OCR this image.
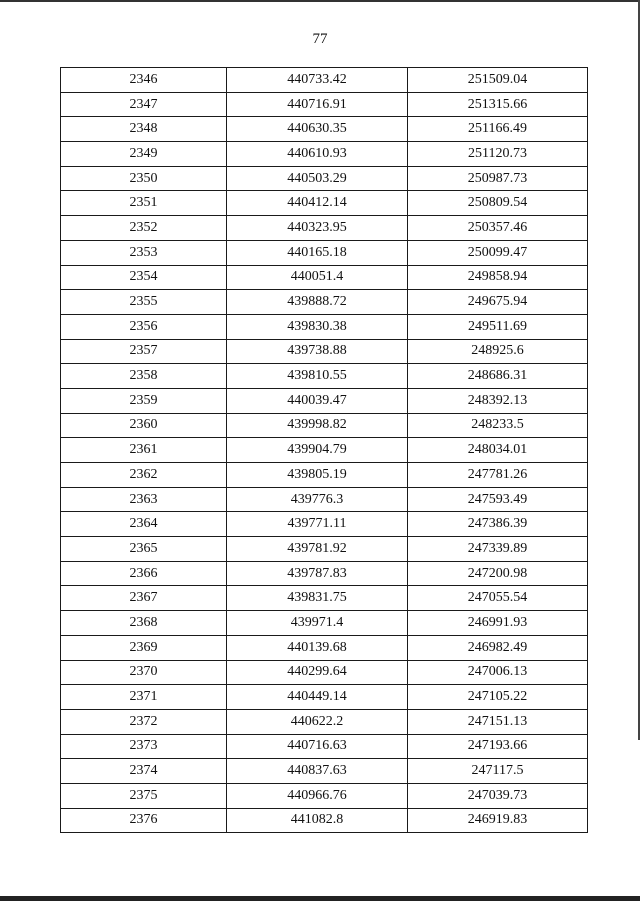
77
2346	440733.42	251509.04
2347	440716.91	251315.66
2348	440630.35	251166.49
2349	440610.93	251120.73
2350	440503.29	250987.73
2351	440412.14	250809.54
2352	440323.95	250357.46
2353	440165.18	250099.47
2354	440051.4	249858.94
2355	439888.72	249675.94
2356	439830.38	249511.69
2357	439738.88	248925.6
2358	439810.55	248686.31
2359	440039.47	248392.13
2360	439998.82	248233.5
2361	439904.79	248034.01
2362	439805.19	247781.26
2363	439776.3	247593.49
2364	439771.11	247386.39
2365	439781.92	247339.89
2366	439787.83	247200.98
2367	439831.75	247055.54
2368	439971.4	246991.93
2369	440139.68	246982.49
2370	440299.64	247006.13
2371	440449.14	247105.22
2372	440622.2	247151.13
2373	440716.63	247193.66
2374	440837.63	247117.5
2375	440966.76	247039.73
2376	441082.8	246919.83
